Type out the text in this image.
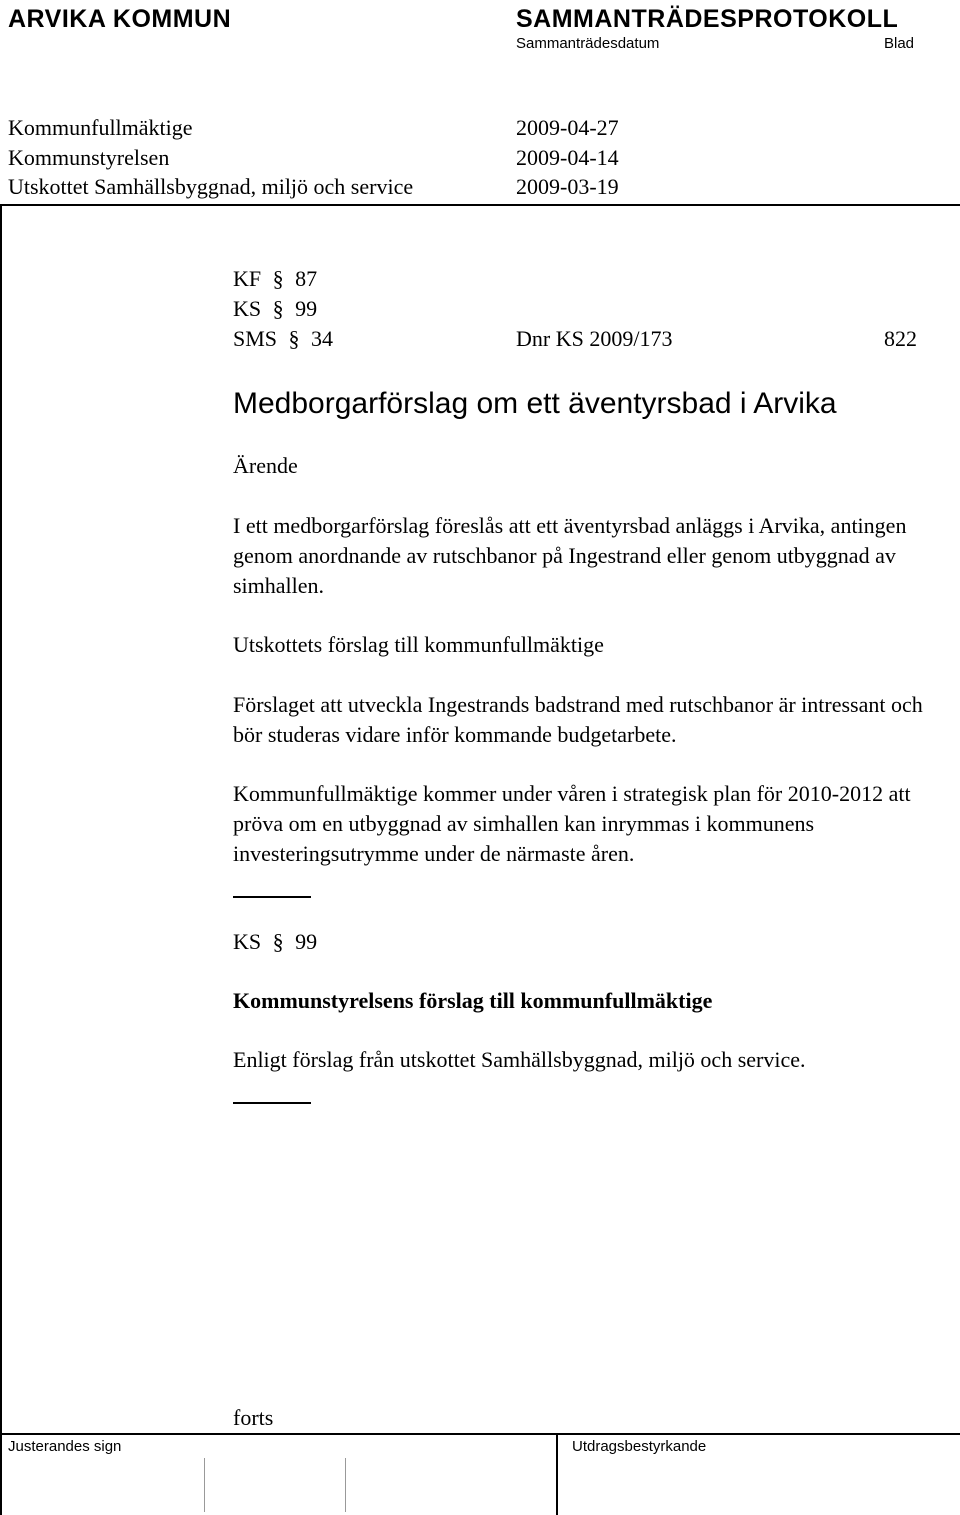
ARVIKA KOMMUN	SAMMANTRÄDESPROTOKOLL
Sammanträdesdatum	Blad
Kommunfullmäktige	2009-04-27
Kommunstyrelsen	2009-04-14
Utskottet Samhällsbyggnad, miljö och service	2009-03-19
KF § 87
KS § 99
SMS § 34	Dnr KS 2009/173	822
Medborgarförslag om ett äventyrsbad i Arvika
Ärende
I ett medborgarförslag föreslås att ett äventyrsbad anläggs i Arvika, antingen genom anordnande av rutschbanor på Ingestrand eller genom utbyggnad av simhallen.
Utskottets förslag till kommunfullmäktige
Förslaget att utveckla Ingestrands badstrand med rutschbanor är intressant och bör studeras vidare inför kommande budgetarbete.
Kommunfullmäktige kommer under våren i strategisk plan för 2010-2012 att pröva om en utbyggnad av simhallen kan inrymmas i kommunens investeringsutrymme under de närmaste åren.
KS § 99
Kommunstyrelsens förslag till kommunfullmäktige
Enligt förslag från utskottet Samhällsbyggnad, miljö och service.
forts
Justerandes sign	Utdragsbestyrkande
